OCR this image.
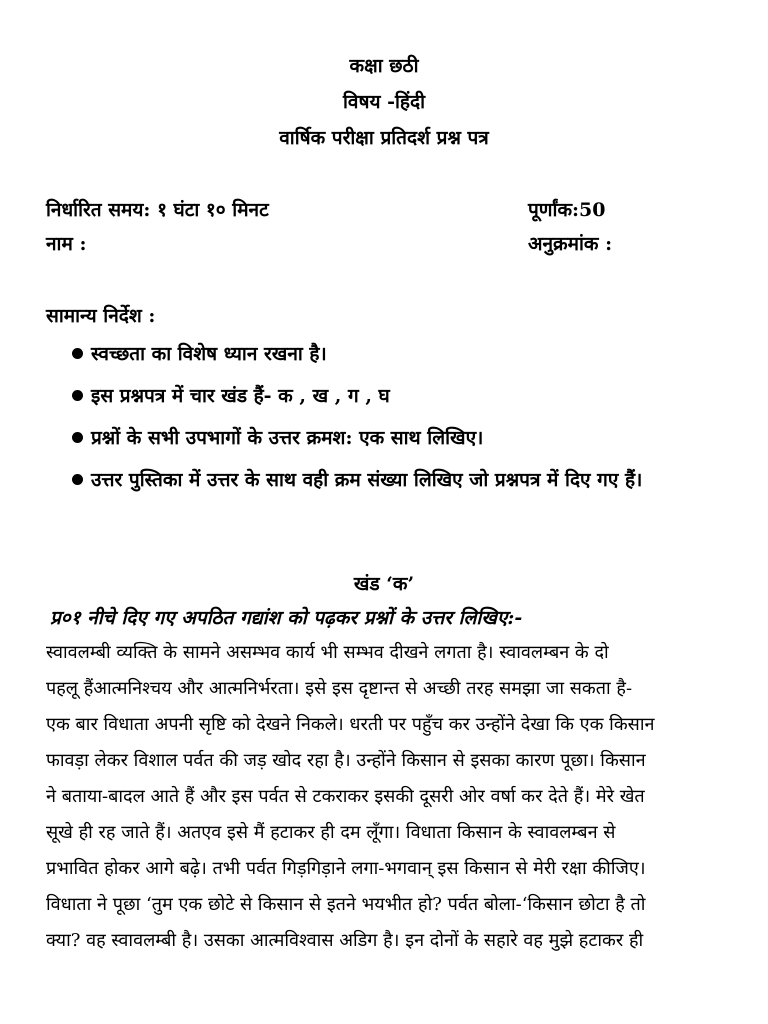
कक्षा छठी
विषय -हिंदी
वार्षिक परीक्षा प्रतिदर्श प्रश्न पत्र
निर्धारित समय: १ घंटा १० मिनट	पूर्णांक:50
नाम :	अनुक्रमांक :
सामान्य निर्देश :
स्वच्छता का विशेष ध्यान रखना है।
इस प्रश्नपत्र में चार खंड हैं- क , ख , ग , घ
प्रश्नों के सभी उपभागों के उत्तर क्रमश: एक साथ लिखिए।
उत्तर पुस्तिका में उत्तर के साथ वही क्रम संख्या लिखिए जो प्रश्नपत्र में दिए गए हैं।
खंड ‘क’
प्र०१ नीचे दिए गए अपठित गद्यांश को पढ़कर प्रश्नों के उत्तर लिखिए:-
स्वावलम्बी व्यक्ति के सामने असम्भव कार्य भी सम्भव दीखने लगता है। स्वावलम्बन के दो
पहलू हैंआत्मनिश्चय और आत्मनिर्भरता। इसे इस दृष्टान्त से अच्छी तरह समझा जा सकता है-
एक बार विधाता अपनी सृष्टि को देखने निकले। धरती पर पहुँच कर उन्होंने देखा कि एक किसान
फावड़ा लेकर विशाल पर्वत की जड़ खोद रहा है। उन्होंने किसान से इसका कारण पूछा। किसान
ने बताया-बादल आते हैं और इस पर्वत से टकराकर इसकी दूसरी ओर वर्षा कर देते हैं। मेरे खेत
सूखे ही रह जाते हैं। अतएव इसे मैं हटाकर ही दम लूँगा। विधाता किसान के स्वावलम्बन से
प्रभावित होकर आगे बढ़े। तभी पर्वत गिड़गिड़ाने लगा-भगवान् इस किसान से मेरी रक्षा कीजिए।
विधाता ने पूछा ‘तुम एक छोटे से किसान से इतने भयभीत हो? पर्वत बोला-‘किसान छोटा है तो
क्या? वह स्वावलम्बी है। उसका आत्मविश्वास अडिग है। इन दोनों के सहारे वह मुझे हटाकर ही
